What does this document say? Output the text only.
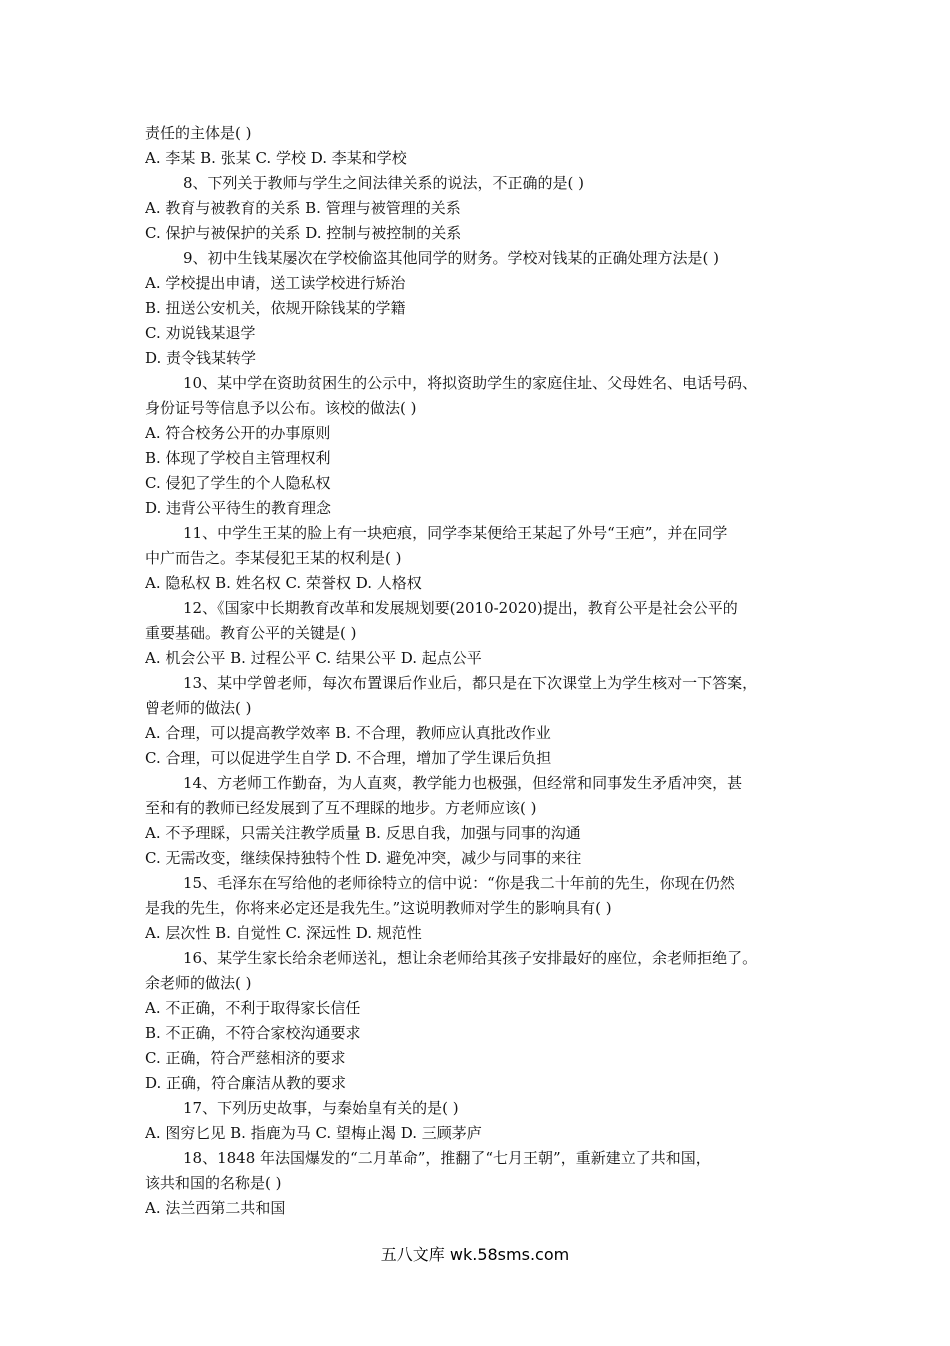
责任的主体是( )
A. 李某 B. 张某 C. 学校 D. 李某和学校
8、下列关于教师与学生之间法律关系的说法，不正确的是( )
A. 教育与被教育的关系 B. 管理与被管理的关系
C. 保护与被保护的关系 D. 控制与被控制的关系
9、初中生钱某屡次在学校偷盗其他同学的财务。学校对钱某的正确处理方法是( )
A. 学校提出申请，送工读学校进行矫治
B. 扭送公安机关，依规开除钱某的学籍
C. 劝说钱某退学
D. 责令钱某转学
10、某中学在资助贫困生的公示中，将拟资助学生的家庭住址、父母姓名、电话号码、
身份证号等信息予以公布。该校的做法( )
A. 符合校务公开的办事原则
B. 体现了学校自主管理权利
C. 侵犯了学生的个人隐私权
D. 违背公平待生的教育理念
11、中学生王某的脸上有一块疤痕，同学李某便给王某起了外号“王疤”，并在同学
中广而告之。李某侵犯王某的权利是( )
A. 隐私权 B. 姓名权 C. 荣誉权 D. 人格权
12、《国家中长期教育改革和发展规划要(2010-2020)提出，教育公平是社会公平的
重要基础。教育公平的关键是( )
A. 机会公平 B. 过程公平 C. 结果公平 D. 起点公平
13、某中学曾老师，每次布置课后作业后，都只是在下次课堂上为学生核对一下答案，
曾老师的做法( )
A. 合理，可以提高教学效率 B. 不合理，教师应认真批改作业
C. 合理，可以促进学生自学 D. 不合理，增加了学生课后负担
14、方老师工作勤奋，为人直爽，教学能力也极强，但经常和同事发生矛盾冲突，甚
至和有的教师已经发展到了互不理睬的地步。方老师应该( )
A. 不予理睬，只需关注教学质量 B. 反思自我，加强与同事的沟通
C. 无需改变，继续保持独特个性 D. 避免冲突，减少与同事的来往
15、毛泽东在写给他的老师徐特立的信中说：“你是我二十年前的先生，你现在仍然
是我的先生，你将来必定还是我先生。”这说明教师对学生的影响具有( )
A. 层次性 B. 自觉性 C. 深远性 D. 规范性
16、某学生家长给余老师送礼，想让余老师给其孩子安排最好的座位，余老师拒绝了。
余老师的做法( )
A. 不正确，不利于取得家长信任
B. 不正确，不符合家校沟通要求
C. 正确，符合严慈相济的要求
D. 正确，符合廉洁从教的要求
17、下列历史故事，与秦始皇有关的是( )
A. 图穷匕见 B. 指鹿为马 C. 望梅止渴 D. 三顾茅庐
18、1848 年法国爆发的“二月革命”，推翻了“七月王朝”，重新建立了共和国，
该共和国的名称是( )
A. 法兰西第二共和国
五八文库 wk.58sms.com
